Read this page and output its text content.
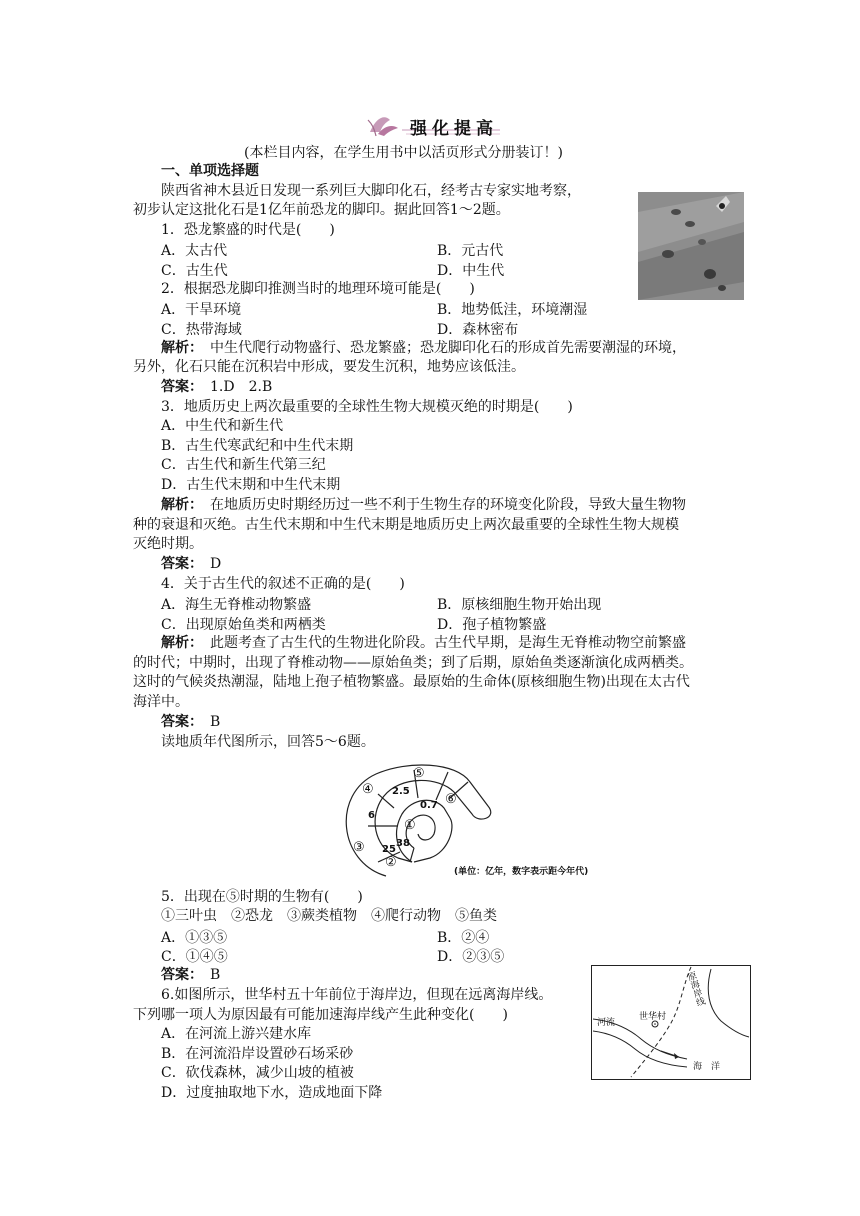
强化提高
(本栏目内容，在学生用书中以活页形式分册装订！)
一、单项选择题
陕西省神木县近日发现一系列巨大脚印化石，经考古专家实地考察，
初步认定这批化石是1亿年前恐龙的脚印。据此回答1～2题。
1．恐龙繁盛的时代是(　　)
A．太古代	B．元古代
C．古生代	D．中生代
2．根据恐龙脚印推测当时的地理环境可能是(　　)
A．干旱环境	B．地势低洼，环境潮湿
C．热带海域	D．森林密布
解析：　中生代爬行动物盛行、恐龙繁盛；恐龙脚印化石的形成首先需要潮湿的环境，
另外，化石只能在沉积岩中形成，要发生沉积，地势应该低洼。
答案：　1.D　2.B
3．地质历史上两次最重要的全球性生物大规模灭绝的时期是(　　)
A．中生代和新生代
B．古生代寒武纪和中生代末期
C．古生代和新生代第三纪
D．古生代末期和中生代末期
解析：　在地质历史时期经历过一些不利于生物生存的环境变化阶段，导致大量生物物
种的衰退和灭绝。古生代末期和中生代末期是地质历史上两次最重要的全球性生物大规模
灭绝时期。
答案：　D
4．关于古生代的叙述不正确的是(　　)
A．海生无脊椎动物繁盛	B．原核细胞生物开始出现
C．出现原始鱼类和两栖类	D．孢子植物繁盛
解析：　此题考查了古生代的生物进化阶段。古生代早期，是海生无脊椎动物空前繁盛
的时代；中期时，出现了脊椎动物——原始鱼类；到了后期，原始鱼类逐渐演化成两栖类。
这时的气候炎热潮湿，陆地上孢子植物繁盛。最原始的生命体(原核细胞生物)出现在太古代
海洋中。
答案：　B
读地质年代图所示，回答5～6题。
2.5
0.7
6
25
38
①
②
③
④
⑤
⑥
(单位：亿年，数字表示距今年代)
5．出现在⑤时期的生物有(　　)
①三叶虫　②恐龙　③蕨类植物　④爬行动物　⑤鱼类
A．①③⑤	B．②④
C．①④⑤	D．②③⑤
答案：　B
6.如图所示，世华村五十年前位于海岸边，但现在远离海岸线。
下列哪一项人为原因最有可能加速海岸线产生此种变化(　　)
A．在河流上游兴建水库
B．在河流沿岸设置砂石场采砂
C．砍伐森林，减少山坡的植被
D．过度抽取地下水，造成地面下降
原海岸线
世华村
河流
海　洋
